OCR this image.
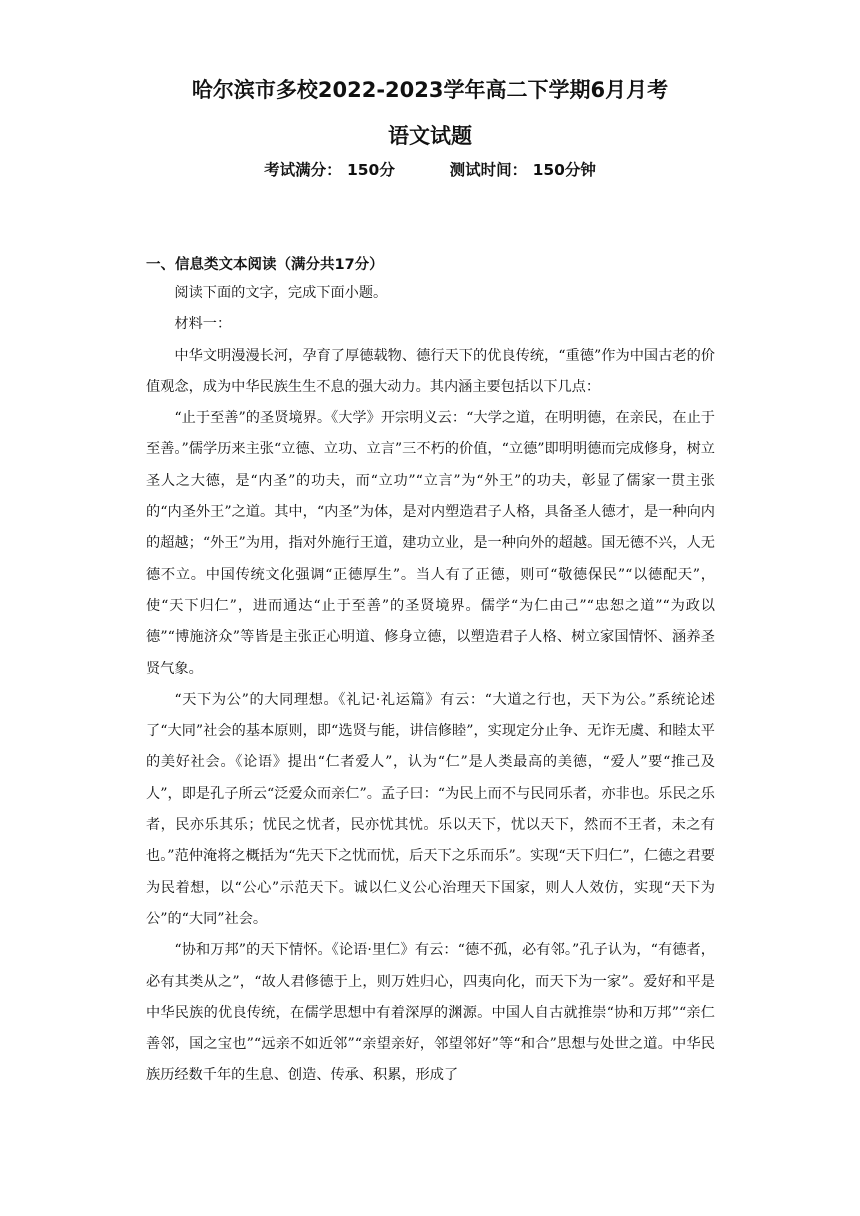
哈尔滨市多校2022-2023学年高二下学期6月月考
语文试题
考试满分： 150分	测试时间： 150分钟
一、信息类文本阅读（满分共17分）

阅读下面的文字，完成下面小题。

材料一：

中华文明漫漫长河，孕育了厚德载物、德行天下的优良传统，“重德”作为中国古老的价值观念，成为中华民族生生不息的强大动力。其内涵主要包括以下几点：

“止于至善”的圣贤境界。《大学》开宗明义云：“大学之道，在明明德，在亲民，在止于至善。”儒学历来主张“立德、立功、立言”三不朽的价值，“立德”即明明德而完成修身，树立圣人之大德，是“内圣”的功夫，而“立功”“立言”为“外王”的功夫，彰显了儒家一贯主张的“内圣外王”之道。其中，“内圣”为体，是对内塑造君子人格，具备圣人德才，是一种向内的超越；“外王”为用，指对外施行王道，建功立业，是一种向外的超越。国无德不兴，人无德不立。中国传统文化强调“正德厚生”。当人有了正德，则可“敬德保民”“以德配天”，使“天下归仁”，进而通达“止于至善”的圣贤境界。儒学“为仁由己”“忠恕之道”“为政以德”“博施济众”等皆是主张正心明道、修身立德，以塑造君子人格、树立家国情怀、涵养圣贤气象。

“天下为公”的大同理想。《礼记·礼运篇》有云：“大道之行也，天下为公。”系统论述了“大同”社会的基本原则，即“选贤与能，讲信修睦”，实现定分止争、无诈无虞、和睦太平的美好社会。《论语》提出“仁者爱人”，认为“仁”是人类最高的美德，“爱人”要“推己及人”，即是孔子所云“泛爱众而亲仁”。孟子曰：“为民上而不与民同乐者，亦非也。乐民之乐者，民亦乐其乐；忧民之忧者，民亦忧其忧。乐以天下，忧以天下，然而不王者，未之有也。”范仲淹将之概括为“先天下之忧而忧，后天下之乐而乐”。实现“天下归仁”，仁德之君要为民着想，以“公心”示范天下。诚以仁义公心治理天下国家，则人人效仿，实现“天下为公”的“大同”社会。

“协和万邦”的天下情怀。《论语·里仁》有云：“德不孤，必有邻。”孔子认为，“有德者，必有其类从之”，“故人君修德于上，则万姓归心，四夷向化，而天下为一家”。爱好和平是中华民族的优良传统，在儒学思想中有着深厚的渊源。中国人自古就推崇“协和万邦”“亲仁善邻，国之宝也”“远亲不如近邻”“亲望亲好，邻望邻好”等“和合”思想与处世之道。中华民族历经数千年的生息、创造、传承、积累，形成了
